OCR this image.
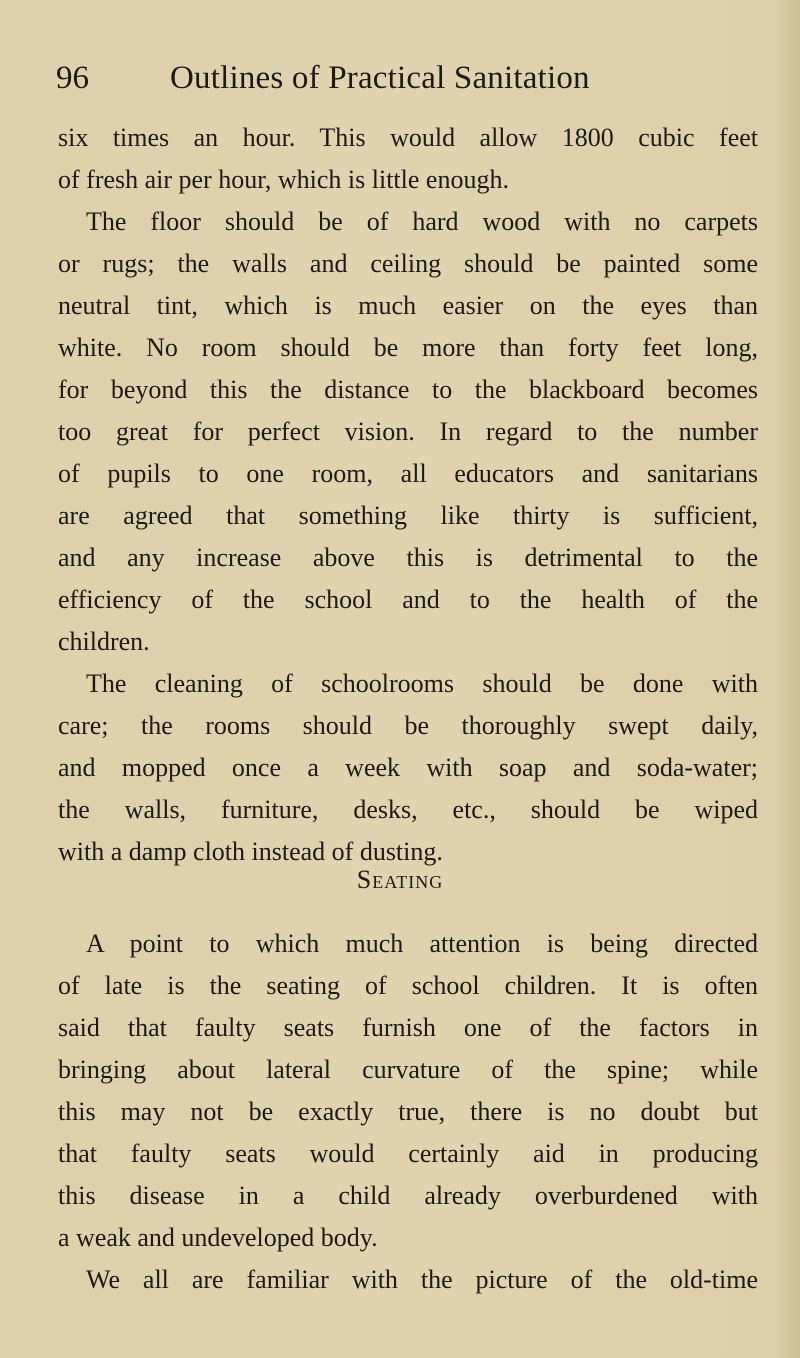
96 Outlines of Practical Sanitation
six times an hour. This would allow 1800 cubic feet
of fresh air per hour, which is little enough.
The floor should be of hard wood with no carpets
or rugs; the walls and ceiling should be painted some
neutral tint, which is much easier on the eyes than
white. No room should be more than forty feet long,
for beyond this the distance to the blackboard becomes
too great for perfect vision. In regard to the number
of pupils to one room, all educators and sanitarians
are agreed that something like thirty is sufficient,
and any increase above this is detrimental to the
efficiency of the school and to the health of the
children.
The cleaning of schoolrooms should be done with
care; the rooms should be thoroughly swept daily,
and mopped once a week with soap and soda-water;
the walls, furniture, desks, etc., should be wiped
with a damp cloth instead of dusting.
Seating
A point to which much attention is being directed
of late is the seating of school children. It is often
said that faulty seats furnish one of the factors in
bringing about lateral curvature of the spine; while
this may not be exactly true, there is no doubt but
that faulty seats would certainly aid in producing
this disease in a child already overburdened with
a weak and undeveloped body.
We all are familiar with the picture of the old-time
